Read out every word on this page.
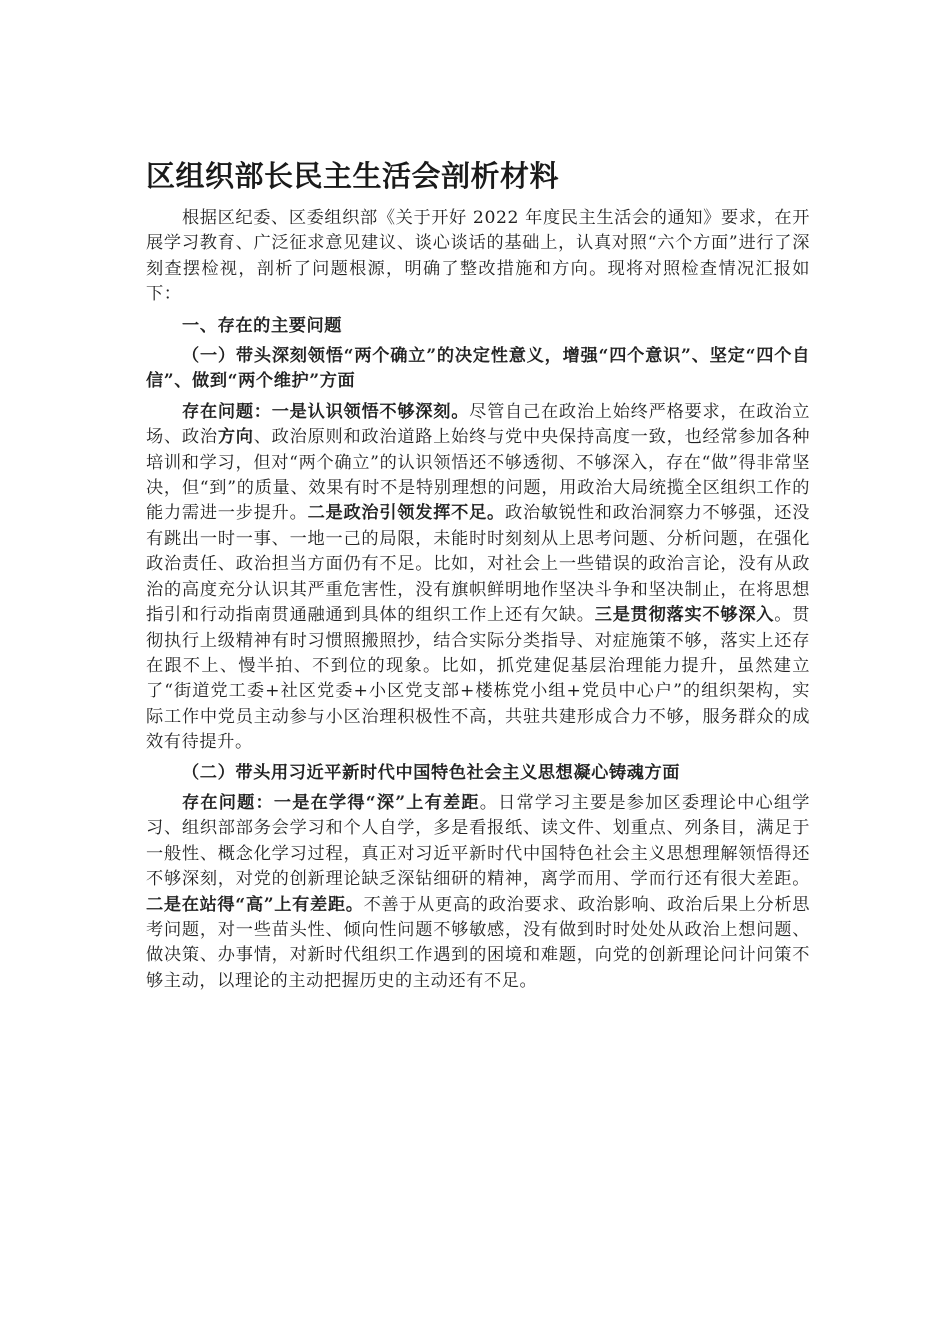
区组织部长民主生活会剖析材料

根据区纪委、区委组织部《关于开好 2022 年度民主生活会的通知》要求，在开展学习教育、广泛征求意见建议、谈心谈话的基础上，认真对照“六个方面”进行了深刻查摆检视，剖析了问题根源，明确了整改措施和方向。现将对照检查情况汇报如下：

一、存在的主要问题

（一）带头深刻领悟“两个确立”的决定性意义，增强“四个意识”、坚定“四个自信”、做到“两个维护”方面

存在问题：一是认识领悟不够深刻。尽管自己在政治上始终严格要求，在政治立场、政治方向、政治原则和政治道路上始终与党中央保持高度一致，也经常参加各种培训和学习，但对“两个确立”的认识领悟还不够透彻、不够深入，存在“做”得非常坚决，但“到”的质量、效果有时不是特别理想的问题，用政治大局统揽全区组织工作的能力需进一步提升。二是政治引领发挥不足。政治敏锐性和政治洞察力不够强，还没有跳出一时一事、一地一己的局限，未能时时刻刻从上思考问题、分析问题，在强化政治责任、政治担当方面仍有不足。比如，对社会上一些错误的政治言论，没有从政治的高度充分认识其严重危害性，没有旗帜鲜明地作坚决斗争和坚决制止，在将思想指引和行动指南贯通融通到具体的组织工作上还有欠缺。三是贯彻落实不够深入。贯彻执行上级精神有时习惯照搬照抄，结合实际分类指导、对症施策不够，落实上还存在跟不上、慢半拍、不到位的现象。比如，抓党建促基层治理能力提升，虽然建立了“街道党工委+社区党委+小区党支部+楼栋党小组+党员中心户”的组织架构，实际工作中党员主动参与小区治理积极性不高，共驻共建形成合力不够，服务群众的成效有待提升。

（二）带头用习近平新时代中国特色社会主义思想凝心铸魂方面

存在问题：一是在学得“深”上有差距。日常学习主要是参加区委理论中心组学习、组织部部务会学习和个人自学，多是看报纸、读文件、划重点、列条目，满足于一般性、概念化学习过程，真正对习近平新时代中国特色社会主义思想理解领悟得还不够深刻，对党的创新理论缺乏深钻细研的精神，离学而用、学而行还有很大差距。二是在站得“高”上有差距。不善于从更高的政治要求、政治影响、政治后果上分析思考问题，对一些苗头性、倾向性问题不够敏感，没有做到时时处处从政治上想问题、做决策、办事情，对新时代组织工作遇到的困境和难题，向党的创新理论问计问策不够主动，以理论的主动把握历史的主动还有不足。
